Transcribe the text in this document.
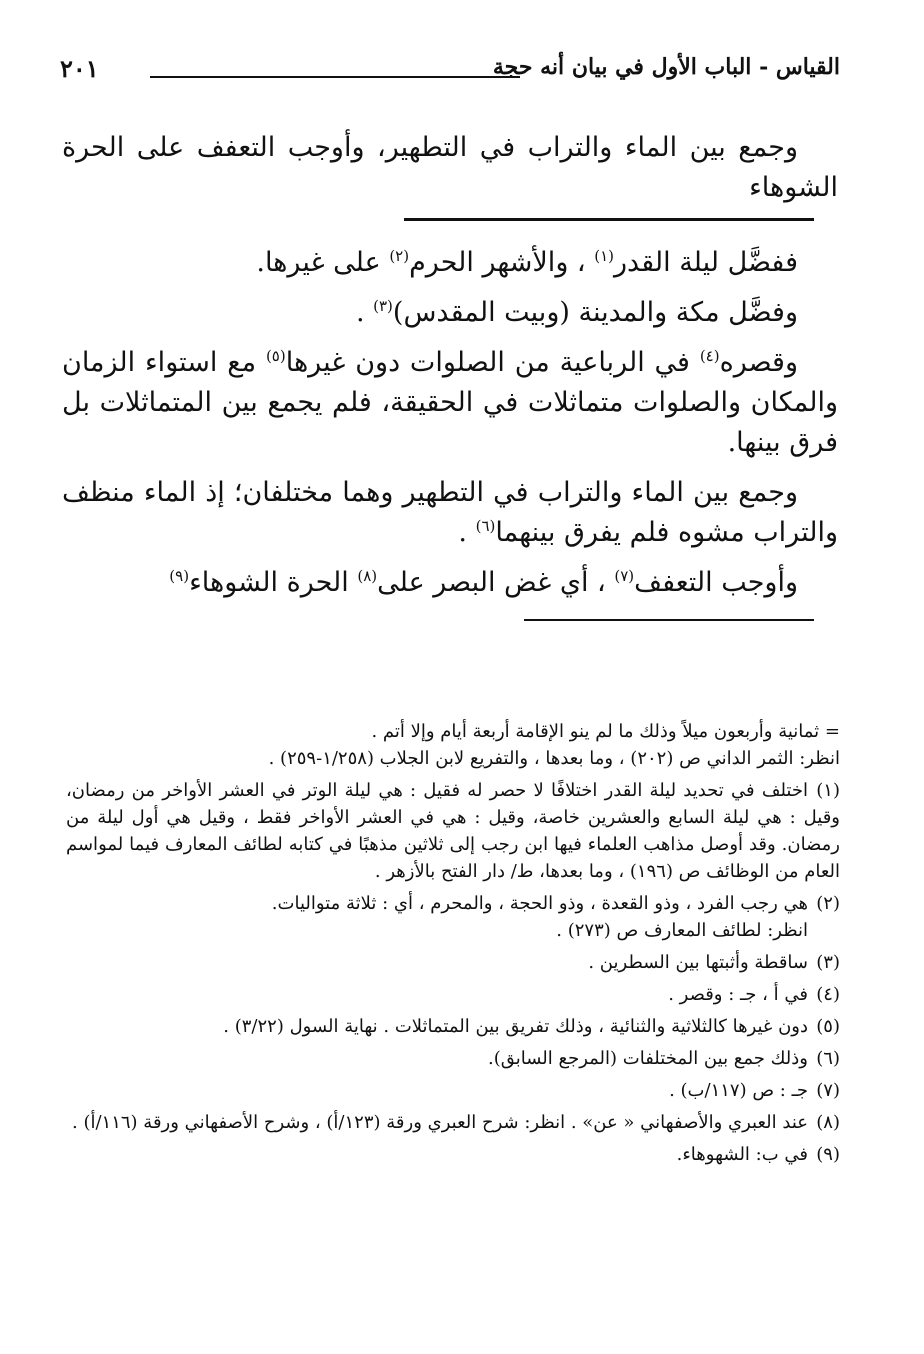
القياس - الباب الأول في بيان أنه حجة
٢٠١

وجمع بين الماء والتراب في التطهير، وأوجب التعفف على الحرة الشوهاء

ففضَّل ليلة القدر$^{(١)}$ ، والأشهر الحرم$^{(٢)}$ على غيرها.

وفضَّل مكة والمدينة (وبيت المقدس)$^{(٣)}$ .

وقصره$^{(٤)}$ في الرباعية من الصلوات دون غيرها$^{(٥)}$ مع استواء الزمان والمكان والصلوات متماثلات في الحقيقة، فلم يجمع بين المتماثلات بل فرق بينها.

وجمع بين الماء والتراب في التطهير وهما مختلفان؛ إذ الماء منظف والتراب مشوه فلم يفرق بينهما$^{(٦)}$ .

وأوجب التعفف$^{(٧)}$ ، أي غض البصر على$^{(٨)}$ الحرة الشوهاء$^{(٩)}$

= ثمانية وأربعون ميلاً وذلك ما لم ينو الإقامة أربعة أيام وإلا أتم .
انظر: الثمر الداني ص (٢٠٢) ، وما بعدها ، والتفريع لابن الجلاب (١/٢٥٨-٢٥٩) .

(١)اختلف في تحديد ليلة القدر اختلافًا لا حصر له فقيل : هي ليلة الوتر في العشر الأواخر من رمضان، وقيل : هي ليلة السابع والعشرين خاصة، وقيل : هي في العشر الأواخر فقط ، وقيل هي أول ليلة من رمضان. وقد أوصل مذاهب العلماء فيها ابن رجب إلى ثلاثين مذهبًا في كتابه لطائف المعارف فيما لمواسم العام من الوظائف ص (١٩٦) ، وما بعدها، ط/ دار الفتح بالأزهر .

(٢)هي رجب الفرد ، وذو القعدة ، وذو الحجة ، والمحرم ، أي : ثلاثة متواليات.
انظر: لطائف المعارف ص (٢٧٣) .

(٣)ساقطة وأثبتها بين السطرين .

(٤)في أ ، جـ : وقصر .

(٥)دون غيرها كالثلاثية والثنائية ، وذلك تفريق بين المتماثلات . نهاية السول (٣/٢٢) .

(٦)وذلك جمع بين المختلفات (المرجع السابق).

(٧)جـ : ص (١١٧/ب) .

(٨)عند العبري والأصفهاني « عن» . انظر: شرح العبري ورقة (١٢٣/أ) ، وشرح الأصفهاني ورقة (١١٦/أ) .

(٩)في ب: الشهوهاء.
